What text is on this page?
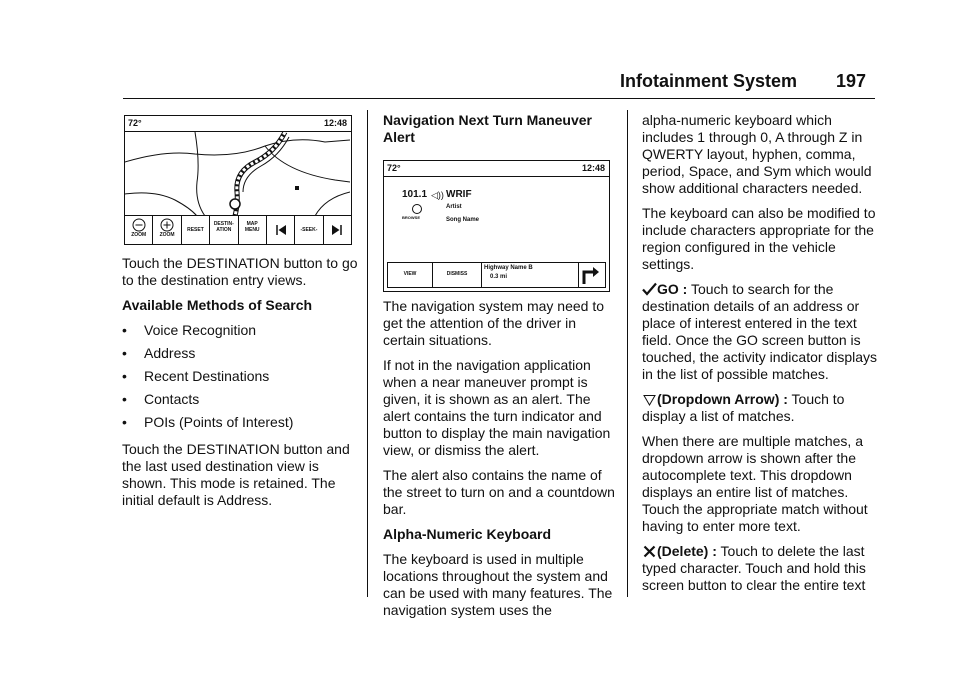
Infotainment System 197
72°	12:48
ZOOM	ZOOM
RESET
DESTIN-
ATION
MAP
MENU	-SEEK-

Touch the DESTINATION button to go to the destination entry views.

Available Methods of Search

• Voice Recognition

• Address

• Recent Destinations

• Contacts

• POIs (Points of Interest)

Touch the DESTINATION button and the last used destination view is shown. This mode is retained. The initial default is Address.

Navigation Next Turn Maneuver Alert

72°	12:48
101.1 ◁)) WRIF
BROWSE
Artist
Song Name
VIEW	DISMISS
Highway Name B
0.3 mi

The navigation system may need to get the attention of the driver in certain situations.

If not in the navigation application when a near maneuver prompt is given, it is shown as an alert. The alert contains the turn indicator and button to display the main navigation view, or dismiss the alert.

The alert also contains the name of the street to turn on and a countdown bar.

Alpha-Numeric Keyboard

The keyboard is used in multiple locations throughout the system and can be used with many features. The navigation system uses the

alpha-numeric keyboard which includes 1 through 0, A through Z in QWERTY layout, hyphen, comma, period, Space, and Sym which would show additional characters needed.

The keyboard can also be modified to include characters appropriate for the region configured in the vehicle settings.

GO : Touch to search for the destination details of an address or place of interest entered in the text field. Once the GO screen button is touched, the activity indicator displays in the list of possible matches.

(Dropdown Arrow) : Touch to display a list of matches.

When there are multiple matches, a dropdown arrow is shown after the autocomplete text. This dropdown displays an entire list of matches. Touch the appropriate match without having to enter more text.

(Delete) : Touch to delete the last typed character. Touch and hold this screen button to clear the entire text
